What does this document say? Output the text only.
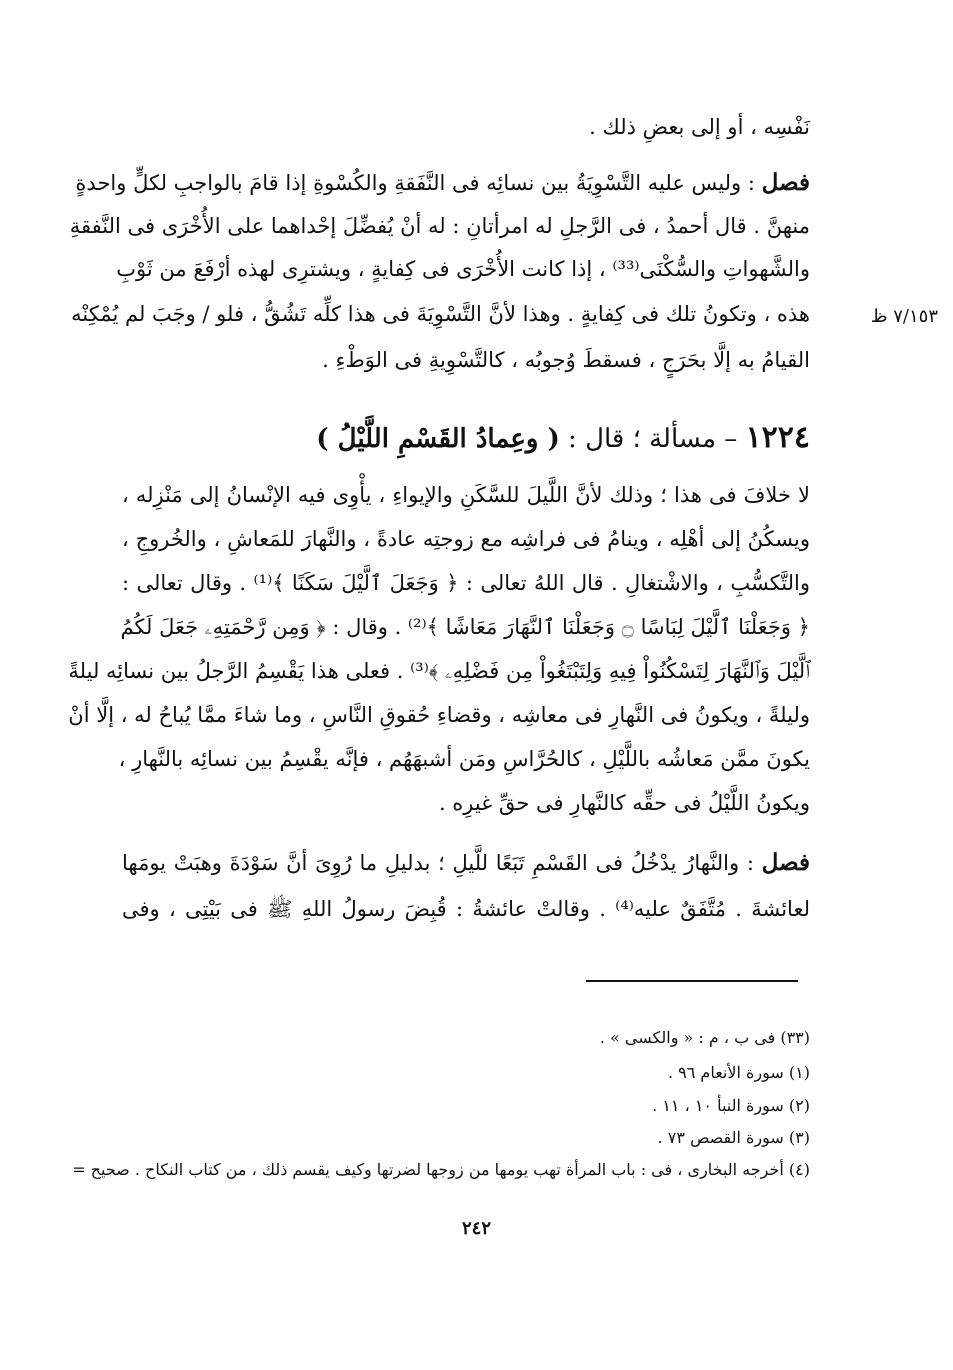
نَفْسِه ، أو إلى بعضِ ذلك .
فصل : وليس عليه التَّسْوِيَةُ بين نسائِه فى النَّفَقةِ والكُسْوةِ إذا قامَ بالواجبِ لكلٍّ واحدةٍ
منهنَّ . قال أحمدُ ، فى الرَّجلِ له امرأتانِ : له أنْ يُفضِّلَ إحْداهما على الأُخْرَى فى النَّفقةِ
والشَّهواتِ والسُّكْنَى⁽³³⁾ ، إذا كانت الأُخْرَى فى كِفايةٍ ، ويشترِى لهذه أرْفَعَ من ثَوْبِ
هذه ، وتكونُ تلك فى كِفايةٍ . وهذا لأنَّ التَّسْوِيَةَ فى هذا كلِّه تَشُقُّ ، فلو / وجَبَ لم يُمْكِنْه
القيامُ به إلَّا بحَرَجٍ ، فسقطَ وُجوبُه ، كالتَّسْوِيةِ فى الوَطْءِ .
٧/١٥٣ ظ
١٢٢٤ – مسألة ؛ قال : ( وعِمادُ القَسْمِ اللَّيْلُ )
لا خلافَ فى هذا ؛ وذلك لأنَّ اللَّيلَ للسَّكَنِ والإيواءِ ، يأْوِى فيه الإنْسانُ إلى مَنْزِله ،
ويسكُنُ إلى أهْلِه ، وينامُ فى فراشِه مع زوجتِه عادةً ، والنَّهارَ للمَعاشِ ، والخُروجِ ،
والتَّكسُّبِ ، والاشْتغالِ . قال اللهُ تعالى : ﴿ وَجَعَلَ ٱلَّيْلَ سَكَنًا ﴾⁽¹⁾ . وقال تعالى :
﴿ وَجَعَلْنَا ٱلَّيْلَ لِبَاسًا ۝ وَجَعَلْنَا ٱلنَّهَارَ مَعَاشًا ﴾⁽²⁾ . وقال : ﴿ وَمِن رَّحْمَتِهِۦ جَعَلَ لَكُمُ
ٱلَّيْلَ وَٱلنَّهَارَ لِتَسْكُنُواْ فِيهِ وَلِتَبْتَغُواْ مِن فَضْلِهِۦ ﴾⁽³⁾ . فعلى هذا يَقْسِمُ الرَّجلُ بين نسائِه ليلةً
وليلةً ، ويكونُ فى النَّهارِ فى معاشِه ، وقضاءِ حُقوقِ النَّاسِ ، وما شاءَ ممَّا يُباحُ له ، إلَّا أنْ
يكونَ ممَّن مَعاشُه باللَّيْلِ ، كالحُرَّاسِ ومَن أشبهَهُم ، فإنَّه يقْسِمُ بين نسائِه بالنَّهارِ ،
ويكونُ اللَّيْلُ فى حقِّه كالنَّهارِ فى حقِّ غيرِه .
فصل : والنَّهارُ يدْخُلُ فى القَسْمِ تَبَعًا للَّيلِ ؛ بدليلِ ما رُوِىَ أنَّ سَوْدَةَ وهبَتْ يومَها
لعائشةَ . مُتَّفَقٌ عليه⁽⁴⁾ . وقالتْ عائشةُ : قُبِضَ رسولُ اللهِ ﷺ فى بَيْتِى ، وفى
(٣٣) فى ب ، م : « والكسى » .
(١) سورة الأنعام ٩٦ .
(٢) سورة النبأ ١٠ ، ١١ .
(٣) سورة القصص ٧٣ .
(٤) أخرجه البخارى ، فى : باب المرأة تهب يومها من زوجها لضرتها وكيف يقسم ذلك ، من كتاب النكاح . صحيح =
٢٤٢
